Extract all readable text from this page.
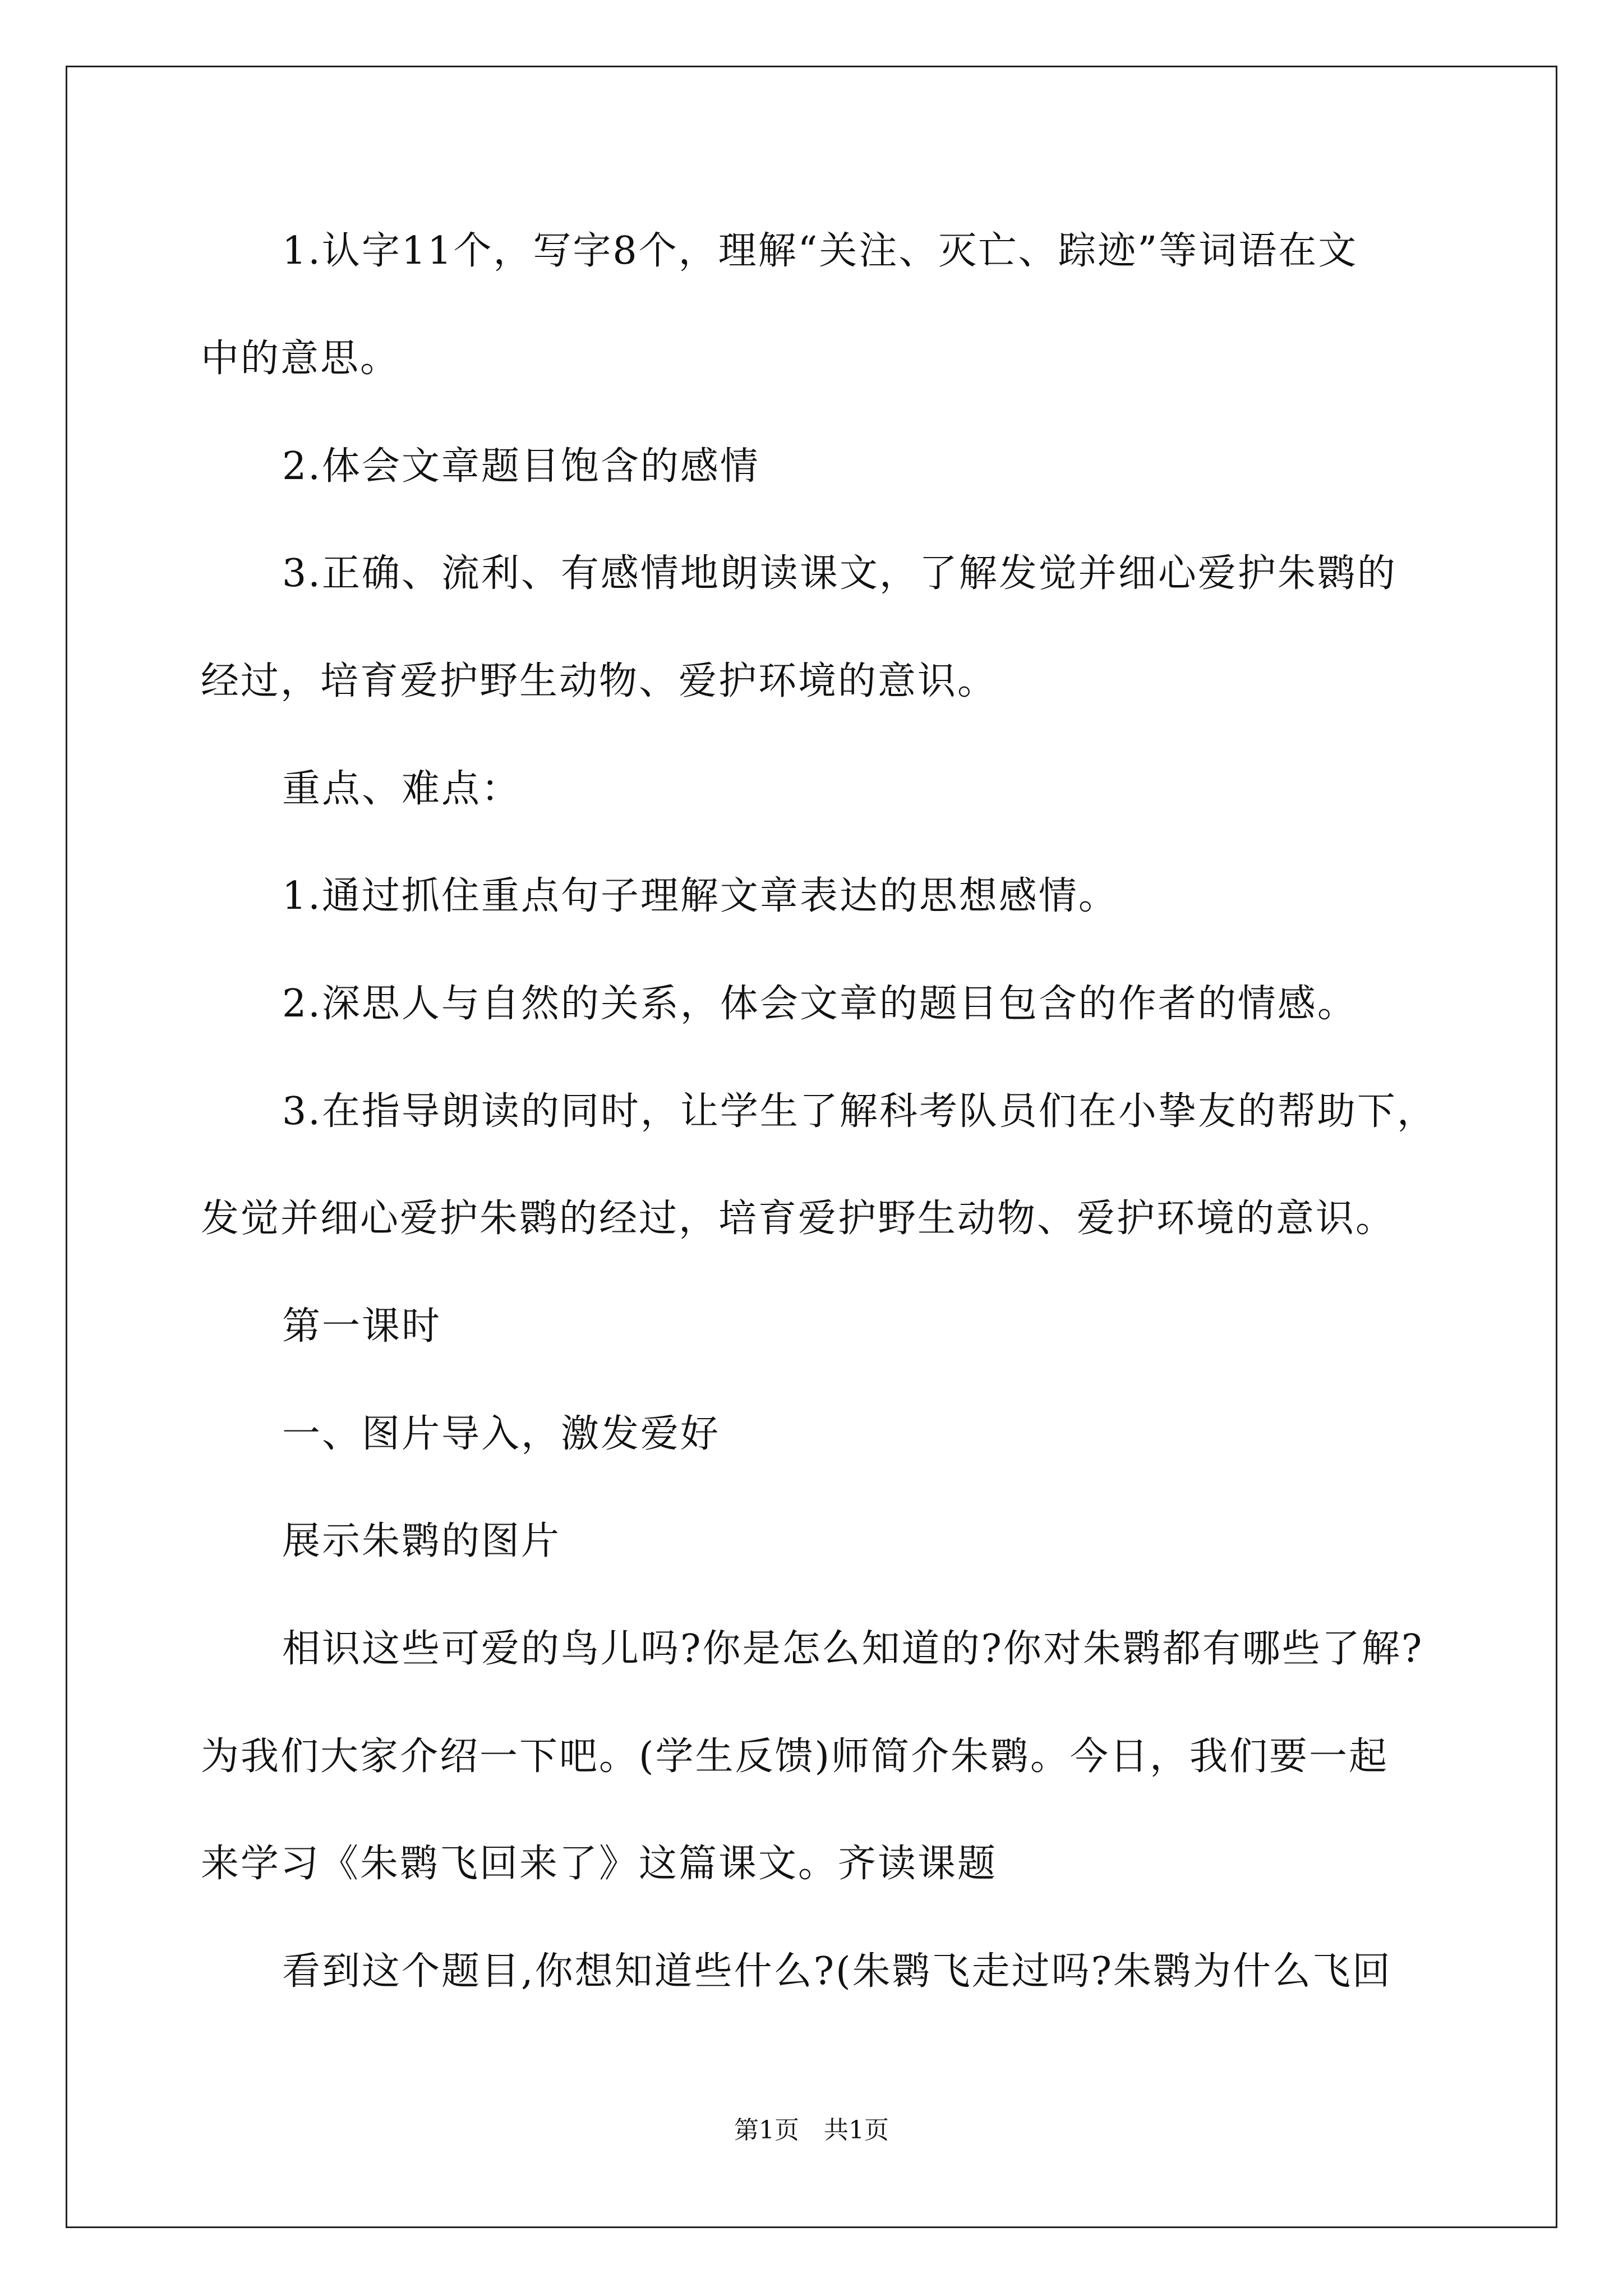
1.认字11个，写字8个，理解“关注、灭亡、踪迹”等词语在文
中的意思。
2.体会文章题目饱含的感情
3.正确、流利、有感情地朗读课文，了解发觉并细心爱护朱鹮的
经过，培育爱护野生动物、爱护环境的意识。
重点、难点：
1.通过抓住重点句子理解文章表达的思想感情。
2.深思人与自然的关系，体会文章的题目包含的作者的情感。
3.在指导朗读的同时，让学生了解科考队员们在小挚友的帮助下，
发觉并细心爱护朱鹮的经过，培育爱护野生动物、爱护环境的意识。
第一课时
一、图片导入，激发爱好
展示朱鹮的图片
相识这些可爱的鸟儿吗?你是怎么知道的?你对朱鹮都有哪些了解?
为我们大家介绍一下吧。(学生反馈)师简介朱鹮。今日，我们要一起
来学习《朱鹮飞回来了》这篇课文。齐读课题
看到这个题目,你想知道些什么?(朱鹮飞走过吗?朱鹮为什么飞回
第1页　共1页
